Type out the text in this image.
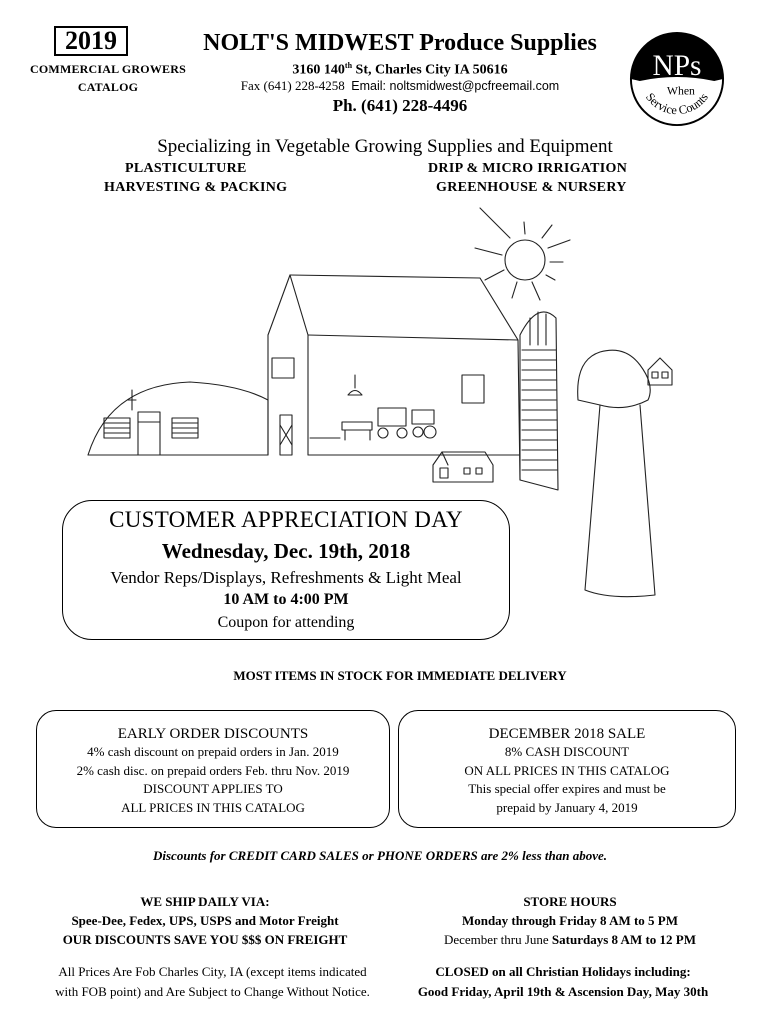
2019
COMMERCIAL GROWERS
CATALOG
NOLT'S MIDWEST Produce Supplies
3160 140th St, Charles City IA 50616
Fax (641) 228-4258 Email: noltsmidwest@pcfreemail.com
Ph. (641) 228-4496
NPs
When
Service Counts
Specializing in Vegetable Growing Supplies and Equipment
PLASTICULTURE	DRIP & MICRO IRRIGATION
HARVESTING & PACKING	GREENHOUSE & NURSERY
CUSTOMER APPRECIATION DAY
Wednesday, Dec. 19th, 2018
Vendor Reps/Displays, Refreshments & Light Meal
10 AM to 4:00 PM
Coupon for attending
MOST ITEMS IN STOCK FOR IMMEDIATE DELIVERY
EARLY ORDER DISCOUNTS
4% cash discount on prepaid orders in Jan. 2019
2% cash disc. on prepaid orders Feb. thru Nov. 2019
DISCOUNT APPLIES TO
ALL PRICES IN THIS CATALOG
DECEMBER 2018 SALE
8% CASH DISCOUNT
ON ALL PRICES IN THIS CATALOG
This special offer expires and must be
prepaid by January 4, 2019
Discounts for CREDIT CARD SALES or PHONE ORDERS are 2% less than above.
WE SHIP DAILY VIA:
Spee-Dee, Fedex, UPS, USPS and Motor Freight
OUR DISCOUNTS SAVE YOU $$$ ON FREIGHT
STORE HOURS
Monday through Friday 8 AM to 5 PM
December thru June Saturdays 8 AM to 12 PM
All Prices Are Fob Charles City, IA (except items indicated
with FOB point) and Are Subject to Change Without Notice.
CLOSED on all Christian Holidays including:
Good Friday, April 19th & Ascension Day, May 30th
